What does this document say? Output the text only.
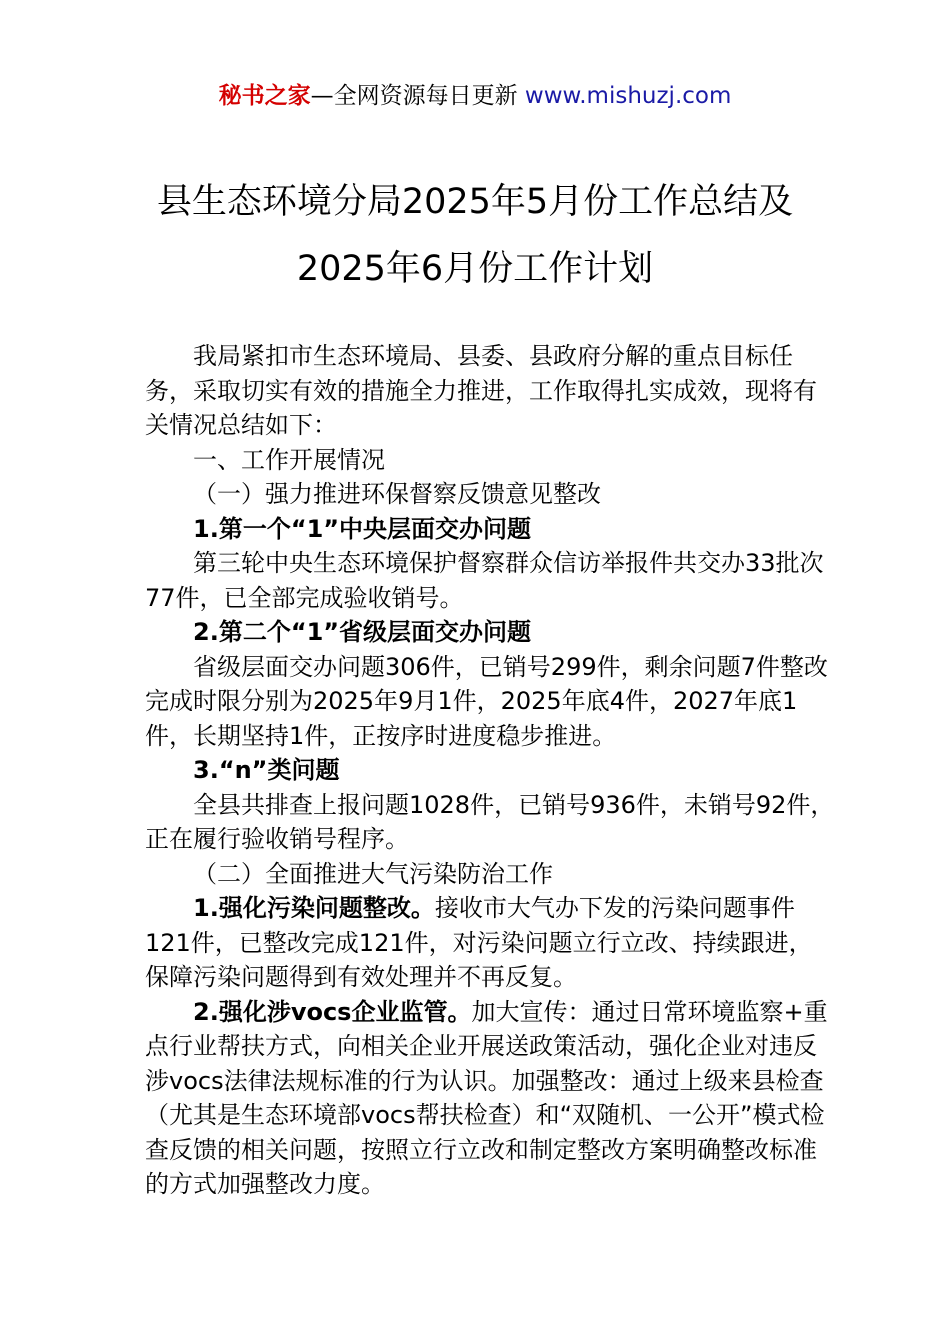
秘书之家—全网资源每日更新 www.mishuzj.com
县生态环境分局2025年5月份工作总结及
2025年6月份工作计划

我局紧扣市生态环境局、县委、县政府分解的重点目标任务，采取切实有效的措施全力推进，工作取得扎实成效，现将有关情况总结如下：

一、工作开展情况

（一）强力推进环保督察反馈意见整改

1.第一个“1”中央层面交办问题

第三轮中央生态环境保护督察群众信访举报件共交办33批次77件，已全部完成验收销号。

2.第二个“1”省级层面交办问题

省级层面交办问题306件，已销号299件，剩余问题7件整改完成时限分别为2025年9月1件，2025年底4件，2027年底1件，长期坚持1件，正按序时进度稳步推进。

3.“n”类问题

全县共排查上报问题1028件，已销号936件，未销号92件，正在履行验收销号程序。

（二）全面推进大气污染防治工作

1.强化污染问题整改。接收市大气办下发的污染问题事件121件，已整改完成121件，对污染问题立行立改、持续跟进，保障污染问题得到有效处理并不再反复。

2.强化涉vocs企业监管。加大宣传：通过日常环境监察+重点行业帮扶方式，向相关企业开展送政策活动，强化企业对违反涉vocs法律法规标准的行为认识。加强整改：通过上级来县检查（尤其是生态环境部vocs帮扶检查）和“双随机、一公开”模式检查反馈的相关问题，按照立行立改和制定整改方案明确整改标准的方式加强整改力度。
